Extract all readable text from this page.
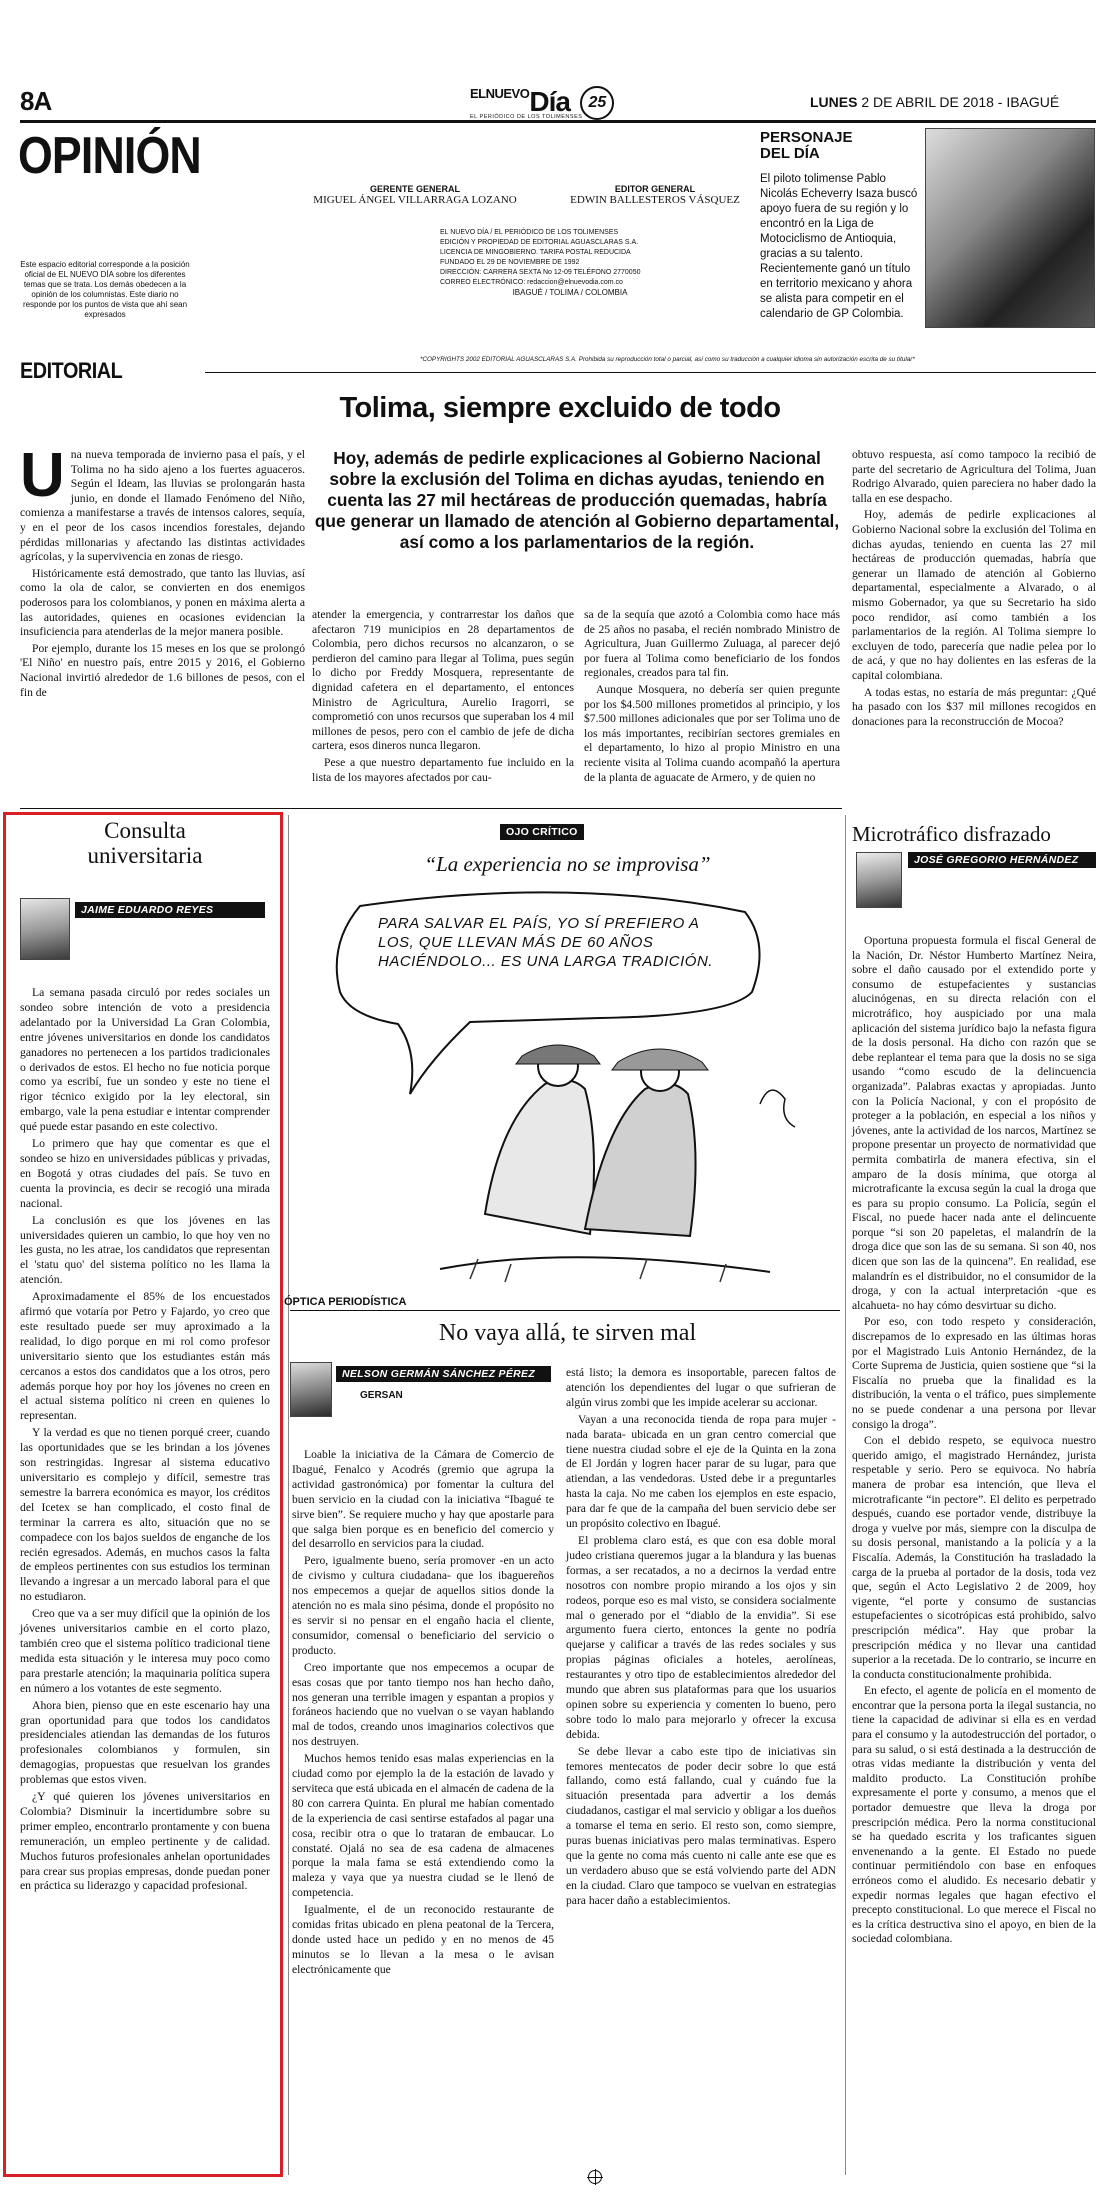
8A	$^{ELNUEVO}$Día 25
EL PERIÓDICO DE LOS TOLIMENSES
LUNES 2 DE ABRIL DE 2018 - IBAGUÉ
OPINIÓN
GERENTE GENERAL
MIGUEL ÁNGEL VILLARRAGA LOZANO
EDITOR GENERAL
EDWIN BALLESTEROS VÁSQUEZ
EL NUEVO DÍA / EL PERIÓDICO DE LOS TOLIMENSES
EDICIÓN Y PROPIEDAD DE EDITORIAL AGUASCLARAS S.A.
LICENCIA DE MINGOBIERNO. TARIFA POSTAL REDUCIDA
FUNDADO EL 29 DE NOVIEMBRE DE 1992
DIRECCIÓN: CARRERA SEXTA No 12-09 TELÉFONO 2770050
CORREO ELECTRÓNICO: redaccion@elnuevodia.com.co
IBAGUÉ / TOLIMA / COLOMBIA
Este espacio editorial corresponde a la posición oficial de EL NUEVO DÍA sobre los diferentes temas que se trata. Los demás obedecen a la opinión de los columnistas. Este diario no responde por los puntos de vista que ahí sean expresados
PERSONAJE DEL DÍA
El piloto tolimense Pablo Nicolás Echeverry Isaza buscó apoyo fuera de su región y lo encontró en la Liga de Motociclismo de Antioquia, gracias a su talento. Recientemente ganó un título en territorio mexicano y ahora se alista para competir en el calendario de GP Colombia.
*COPYRIGHTS 2002 EDITORIAL AGUASCLARAS S.A. Prohibida su reproducción total o parcial, así como su traducción a cualquier idioma sin autorización escrita de su titular*
EDITORIAL
Tolima, siempre excluido de todo

Una nueva temporada de invierno pasa el país, y el Tolima no ha sido ajeno a los fuertes aguaceros. Según el Ideam, las lluvias se prolongarán hasta junio, en donde el llamado Fenómeno del Niño, comienza a manifestarse a través de intensos calores, sequía, y en el peor de los casos incendios forestales, dejando pérdidas millonarias y afectando las distintas actividades agrícolas, y la supervivencia en zonas de riesgo.

Históricamente está demostrado, que tanto las lluvias, así como la ola de calor, se convierten en dos enemigos poderosos para los colombianos, y ponen en máxima alerta a las autoridades, quienes en ocasiones evidencian la insuficiencia para atenderlas de la mejor manera posible.

Por ejemplo, durante los 15 meses en los que se prolongó 'El Niño' en nuestro país, entre 2015 y 2016, el Gobierno Nacional invirtió alrededor de 1.6 billones de pesos, con el fin de

Hoy, además de pedirle explicaciones al Gobierno Nacional sobre la exclusión del Tolima en dichas ayudas, teniendo en cuenta las 27 mil hectáreas de producción quemadas, habría que generar un llamado de atención al Gobierno departamental, así como a los parlamentarios de la región.

atender la emergencia, y contrarrestar los daños que afectaron 719 municipios en 28 departamentos de Colombia, pero dichos recursos no alcanzaron, o se perdieron del camino para llegar al Tolima, pues según lo dicho por Freddy Mosquera, representante de dignidad cafetera en el departamento, el entonces Ministro de Agricultura, Aurelio Iragorri, se comprometió con unos recursos que superaban los 4 mil millones de pesos, pero con el cambio de jefe de dicha cartera, esos dineros nunca llegaron.

Pese a que nuestro departamento fue incluido en la lista de los mayores afectados por cau-

sa de la sequía que azotó a Colombia como hace más de 25 años no pasaba, el recién nombrado Ministro de Agricultura, Juan Guillermo Zuluaga, al parecer dejó por fuera al Tolima como beneficiario de los fondos regionales, creados para tal fin.

Aunque Mosquera, no debería ser quien pregunte por los $4.500 millones prometidos al principio, y los $7.500 millones adicionales que por ser Tolima uno de los más importantes, recibirían sectores gremiales en el departamento, lo hizo al propio Ministro en una reciente visita al Tolima cuando acompañó la apertura de la planta de aguacate de Armero, y de quien no

obtuvo respuesta, así como tampoco la recibió de parte del secretario de Agricultura del Tolima, Juan Rodrigo Alvarado, quien pareciera no haber dado la talla en ese despacho.

Hoy, además de pedirle explicaciones al Gobierno Nacional sobre la exclusión del Tolima en dichas ayudas, teniendo en cuenta las 27 mil hectáreas de producción quemadas, habría que generar un llamado de atención al Gobierno departamental, especialmente a Alvarado, o al mismo Gobernador, ya que su Secretario ha sido poco rendidor, así como también a los parlamentarios de la región. Al Tolima siempre lo excluyen de todo, parecería que nadie pelea por lo de acá, y que no hay dolientes en las esferas de la capital colombiana.

A todas estas, no estaría de más preguntar: ¿Qué ha pasado con los $37 mil millones recogidos en donaciones para la reconstrucción de Mocoa?

Consulta universitaria
JAIME EDUARDO REYES

La semana pasada circuló por redes sociales un sondeo sobre intención de voto a presidencia adelantado por la Universidad La Gran Colombia, entre jóvenes universitarios en donde los candidatos ganadores no pertenecen a los partidos tradicionales o derivados de estos. El hecho no fue noticia porque como ya escribí, fue un sondeo y este no tiene el rigor técnico exigido por la ley electoral, sin embargo, vale la pena estudiar e intentar comprender qué puede estar pasando en este colectivo.

Lo primero que hay que comentar es que el sondeo se hizo en universidades públicas y privadas, en Bogotá y otras ciudades del país. Se tuvo en cuenta la provincia, es decir se recogió una mirada nacional.

La conclusión es que los jóvenes en las universidades quieren un cambio, lo que hoy ven no les gusta, no les atrae, los candidatos que representan el 'statu quo' del sistema político no les llama la atención.

Aproximadamente el 85% de los encuestados afirmó que votaría por Petro y Fajardo, yo creo que este resultado puede ser muy aproximado a la realidad, lo digo porque en mi rol como profesor universitario siento que los estudiantes están más cercanos a estos dos candidatos que a los otros, pero además porque hoy por hoy los jóvenes no creen en el actual sistema político ni creen en quienes lo representan.

Y la verdad es que no tienen porqué creer, cuando las oportunidades que se les brindan a los jóvenes son restringidas. Ingresar al sistema educativo universitario es complejo y difícil, semestre tras semestre la barrera económica es mayor, los créditos del Icetex se han complicado, el costo final de terminar la carrera es alto, situación que no se compadece con los bajos sueldos de enganche de los recién egresados. Además, en muchos casos la falta de empleos pertinentes con sus estudios los terminan llevando a ingresar a un mercado laboral para el que no estudiaron.

Creo que va a ser muy difícil que la opinión de los jóvenes universitarios cambie en el corto plazo, también creo que el sistema político tradicional tiene medida esta situación y le interesa muy poco como para prestarle atención; la maquinaria política supera en número a los votantes de este segmento.

Ahora bien, pienso que en este escenario hay una gran oportunidad para que todos los candidatos presidenciales atiendan las demandas de los futuros profesionales colombianos y formulen, sin demagogias, propuestas que resuelvan los grandes problemas que estos viven.

¿Y qué quieren los jóvenes universitarios en Colombia? Disminuir la incertidumbre sobre su primer empleo, encontrarlo prontamente y con buena remuneración, un empleo pertinente y de calidad. Muchos futuros profesionales anhelan oportunidades para crear sus propias empresas, donde puedan poner en práctica su liderazgo y capacidad profesional.

OJO CRÍTICO
“La experiencia no se improvisa”
PARA SALVAR EL PAÍS, YO SÍ PREFIERO A LOS, QUE LLEVAN MÁS DE 60 AÑOS HACIÉNDOLO... ES UNA LARGA TRADICIÓN.
ÓPTICA PERIODÍSTICA
No vaya allá, te sirven mal
NELSON GERMÁN SÁNCHEZ PÉREZ
GERSAN

Loable la iniciativa de la Cámara de Comercio de Ibagué, Fenalco y Acodrés (gremio que agrupa la actividad gastronómica) por fomentar la cultura del buen servicio en la ciudad con la iniciativa “Ibagué te sirve bien”. Se requiere mucho y hay que apostarle para que salga bien porque es en beneficio del comercio y del desarrollo en servicios para la ciudad.

Pero, igualmente bueno, sería promover -en un acto de civismo y cultura ciudadana- que los ibaguereños nos empecemos a quejar de aquellos sitios donde la atención no es mala sino pésima, donde el propósito no es servir si no pensar en el engaño hacia el cliente, consumidor, comensal o beneficiario del servicio o producto.

Creo importante que nos empecemos a ocupar de esas cosas que por tanto tiempo nos han hecho daño, nos generan una terrible imagen y espantan a propios y foráneos haciendo que no vuelvan o se vayan hablando mal de todos, creando unos imaginarios colectivos que nos destruyen.

Muchos hemos tenido esas malas experiencias en la ciudad como por ejemplo la de la estación de lavado y serviteca que está ubicada en el almacén de cadena de la 80 con carrera Quinta. En plural me habían comentado de la experiencia de casi sentirse estafados al pagar una cosa, recibir otra o que lo trataran de embaucar. Lo constaté. Ojalá no sea de esa cadena de almacenes porque la mala fama se está extendiendo como la maleza y vaya que ya nuestra ciudad se le llenó de competencia.

Igualmente, el de un reconocido restaurante de comidas fritas ubicado en plena peatonal de la Tercera, donde usted hace un pedido y en no menos de 45 minutos se lo llevan a la mesa o le avisan electrónicamente que

está listo; la demora es insoportable, parecen faltos de atención los dependientes del lugar o que sufrieran de algún virus zombi que les impide acelerar su accionar.

Vayan a una reconocida tienda de ropa para mujer -nada barata- ubicada en un gran centro comercial que tiene nuestra ciudad sobre el eje de la Quinta en la zona de El Jordán y logren hacer parar de su lugar, para que atiendan, a las vendedoras. Usted debe ir a preguntarles hasta la caja. No me caben los ejemplos en este espacio, para dar fe que de la campaña del buen servicio debe ser un propósito colectivo en Ibagué.

El problema claro está, es que con esa doble moral judeo cristiana queremos jugar a la blandura y las buenas formas, a ser recatados, a no a decirnos la verdad entre nosotros con nombre propio mirando a los ojos y sin rodeos, porque eso es mal visto, se considera socialmente mal o generado por el “diablo de la envidia”. Si ese argumento fuera cierto, entonces la gente no podría quejarse y calificar a través de las redes sociales y sus propias páginas oficiales a hoteles, aerolíneas, restaurantes y otro tipo de establecimientos alrededor del mundo que abren sus plataformas para que los usuarios opinen sobre su experiencia y comenten lo bueno, pero sobre todo lo malo para mejorarlo y ofrecer la excusa debida.

Se debe llevar a cabo este tipo de iniciativas sin temores mentecatos de poder decir sobre lo que está fallando, como está fallando, cual y cuándo fue la situación presentada para advertir a los demás ciudadanos, castigar el mal servicio y obligar a los dueños a tomarse el tema en serio. El resto son, como siempre, puras buenas iniciativas pero malas terminativas. Espero que la gente no coma más cuento ni calle ante ese que es un verdadero abuso que se está volviendo parte del ADN en la ciudad. Claro que tampoco se vuelvan en estrategias para hacer daño a establecimientos.

Microtráfico disfrazado
JOSÉ GREGORIO HERNÁNDEZ

Oportuna propuesta formula el fiscal General de la Nación, Dr. Néstor Humberto Martínez Neira, sobre el daño causado por el extendido porte y consumo de estupefacientes y sustancias alucinógenas, en su directa relación con el microtráfico, hoy auspiciado por una mala aplicación del sistema jurídico bajo la nefasta figura de la dosis personal. Ha dicho con razón que se debe replantear el tema para que la dosis no se siga usando “como escudo de la delincuencia organizada”. Palabras exactas y apropiadas. Junto con la Policía Nacional, y con el propósito de proteger a la población, en especial a los niños y jóvenes, ante la actividad de los narcos, Martínez se propone presentar un proyecto de normatividad que permita combatirla de manera efectiva, sin el amparo de la dosis mínima, que otorga al microtraficante la excusa según la cual la droga que es para su propio consumo. La Policía, según el Fiscal, no puede hacer nada ante el delincuente porque “si son 20 papeletas, el malandrín de la droga dice que son las de su semana. Si son 40, nos dicen que son las de la quincena”. En realidad, ese malandrín es el distribuidor, no el consumidor de la droga, y con la actual interpretación -que es alcahueta- no hay cómo desvirtuar su dicho.

Por eso, con todo respeto y consideración, discrepamos de lo expresado en las últimas horas por el Magistrado Luis Antonio Hernández, de la Corte Suprema de Justicia, quien sostiene que “si la Fiscalía no prueba que la finalidad es la distribución, la venta o el tráfico, pues simplemente no se puede condenar a una persona por llevar consigo la droga”.

Con el debido respeto, se equivoca nuestro querido amigo, el magistrado Hernández, jurista respetable y serio. Pero se equivoca. No habría manera de probar esa intención, que lleva el microtraficante “in pectore”. El delito es perpetrado después, cuando ese portador vende, distribuye la droga y vuelve por más, siempre con la disculpa de su dosis personal, manistando a la policía y a la Fiscalía. Además, la Constitución ha trasladado la carga de la prueba al portador de la dosis, toda vez que, según el Acto Legislativo 2 de 2009, hoy vigente, “el porte y consumo de sustancias estupefacientes o sicotrópicas está prohibido, salvo prescripción médica”. Hay que probar la prescripción médica y no llevar una cantidad superior a la recetada. De lo contrario, se incurre en la conducta constitucionalmente prohibida.

En efecto, el agente de policía en el momento de encontrar que la persona porta la ilegal sustancia, no tiene la capacidad de adivinar si ella es en verdad para el consumo y la autodestrucción del portador, o para su salud, o si está destinada a la destrucción de otras vidas mediante la distribución y venta del maldito producto. La Constitución prohíbe expresamente el porte y consumo, a menos que el portador demuestre que lleva la droga por prescripción médica. Pero la norma constitucional se ha quedado escrita y los traficantes siguen envenenando a la gente. El Estado no puede continuar permitiéndolo con base en enfoques erróneos como el aludido. Es necesario debatir y expedir normas legales que hagan efectivo el precepto constitucional. Lo que merece el Fiscal no es la crítica destructiva sino el apoyo, en bien de la sociedad colombiana.
